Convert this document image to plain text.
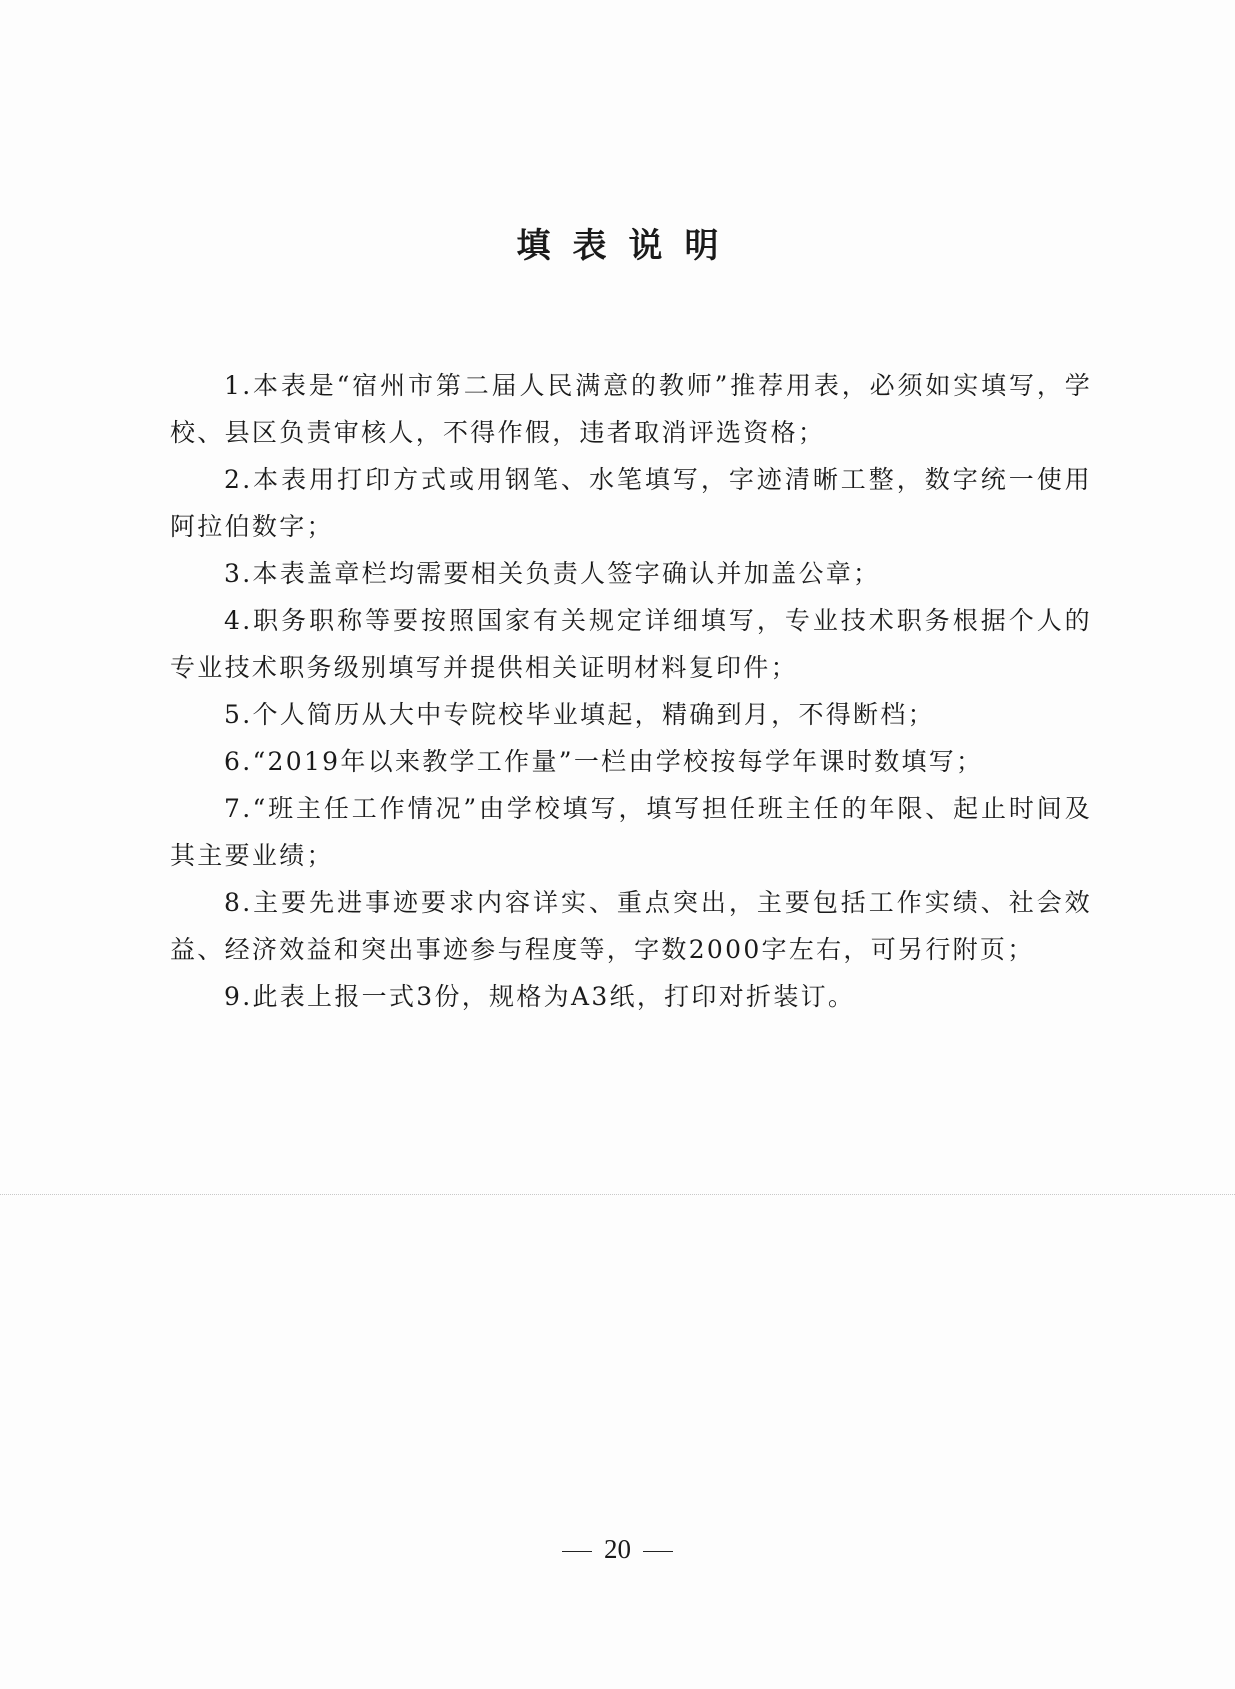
填表说明

1.本表是“宿州市第二届人民满意的教师”推荐用表，必须如实填写，学校、县区负责审核人，不得作假，违者取消评选资格；

2.本表用打印方式或用钢笔、水笔填写，字迹清晰工整，数字统一使用阿拉伯数字；

3.本表盖章栏均需要相关负责人签字确认并加盖公章；

4.职务职称等要按照国家有关规定详细填写，专业技术职务根据个人的专业技术职务级别填写并提供相关证明材料复印件；

5.个人简历从大中专院校毕业填起，精确到月，不得断档；

6.“2019年以来教学工作量”一栏由学校按每学年课时数填写；

7.“班主任工作情况”由学校填写，填写担任班主任的年限、起止时间及其主要业绩；

8.主要先进事迹要求内容详实、重点突出，主要包括工作实绩、社会效益、经济效益和突出事迹参与程度等，字数2000字左右，可另行附页；

9.此表上报一式3份，规格为A3纸，打印对折装订。

20
